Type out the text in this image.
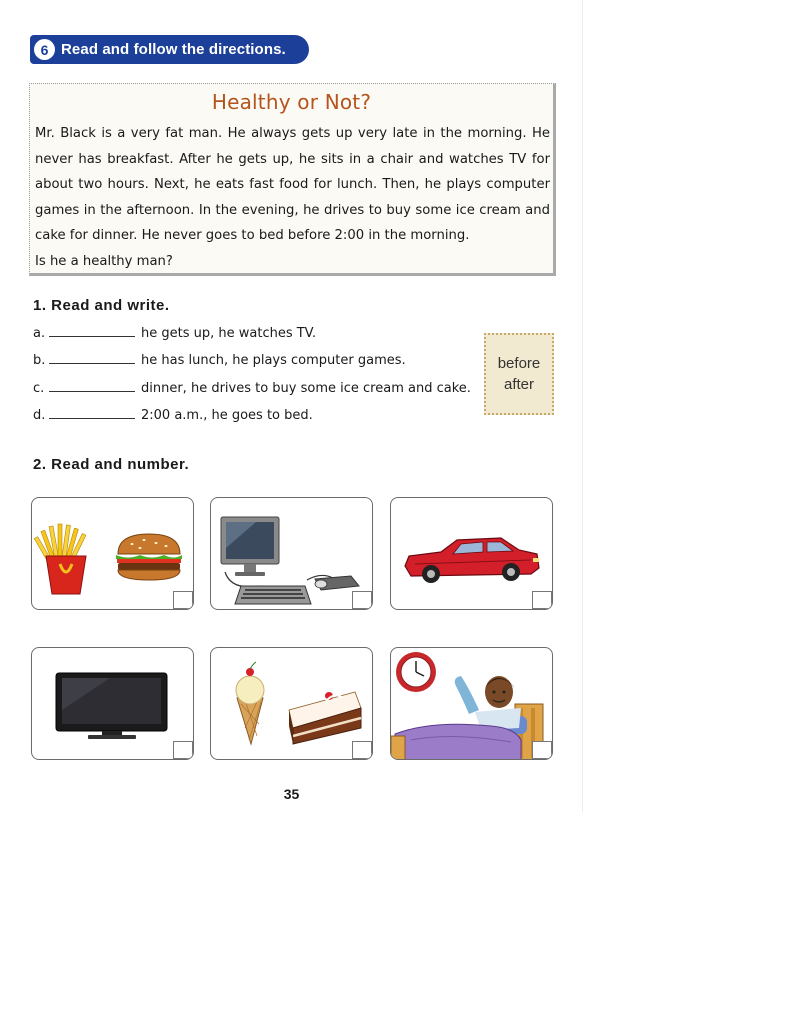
6 Read and follow the directions.
Healthy or Not?
Mr. Black is a very fat man. He always gets up very late in the morning. He
never has breakfast. After he gets up, he sits in a chair and watches TV for
about two hours. Next, he eats fast food for lunch. Then, he plays computer
games in the afternoon. In the evening, he drives to buy some ice cream and
cake for dinner. He never goes to bed before 2:00 in the morning.
Is he a healthy man?
1. Read and write.
a.	he gets up, he watches TV.
b.	he has lunch, he plays computer games.
c.	dinner, he drives to buy some ice cream and cake.
d.	2:00 a.m., he goes to bed.
before
after
2. Read and number.
35
